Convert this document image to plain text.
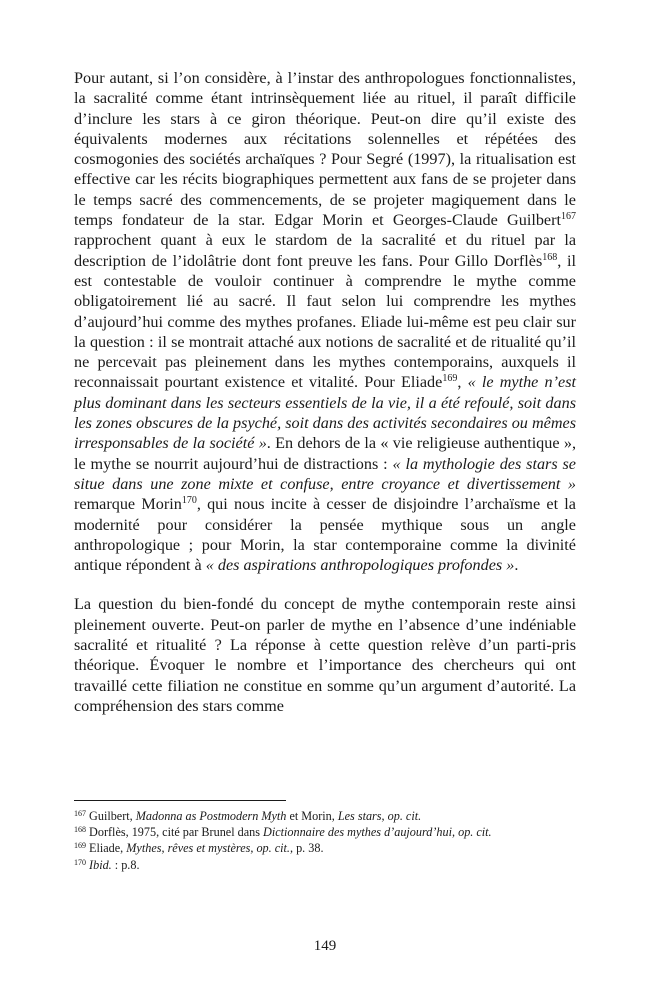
Pour autant, si l’on considère, à l’instar des anthropologues fonctionnalistes, la sacralité comme étant intrinsèquement liée au rituel, il paraît difficile d’inclure les stars à ce giron théorique. Peut-on dire qu’il existe des équivalents modernes aux récitations solennelles et répétées des cosmogonies des sociétés archaïques ? Pour Segré (1997), la ritualisation est effective car les récits biographiques permettent aux fans de se projeter dans le temps sacré des commencements, de se projeter magiquement dans le temps fondateur de la star. Edgar Morin et Georges-Claude Guilbert$^{167}$ rapprochent quant à eux le stardom de la sacralité et du rituel par la description de l’idolâtrie dont font preuve les fans. Pour Gillo Dorflès$^{168}$, il est contestable de vouloir continuer à comprendre le mythe comme obligatoirement lié au sacré. Il faut selon lui comprendre les mythes d’aujourd’hui comme des mythes profanes. Eliade lui-même est peu clair sur la question : il se montrait attaché aux notions de sacralité et de ritualité qu’il ne percevait pas pleinement dans les mythes contemporains, auxquels il reconnaissait pourtant existence et vitalité. Pour Eliade$^{169}$, « le mythe n’est plus dominant dans les secteurs essentiels de la vie, il a été refoulé, soit dans les zones obscures de la psyché, soit dans des activités secondaires ou mêmes irresponsables de la société ». En dehors de la « vie religieuse authentique », le mythe se nourrit aujourd’hui de distractions : « la mythologie des stars se situe dans une zone mixte et confuse, entre croyance et divertissement » remarque Morin$^{170}$, qui nous incite à cesser de disjoindre l’archaïsme et la modernité pour considérer la pensée mythique sous un angle anthropologique ; pour Morin, la star contemporaine comme la divinité antique répondent à « des aspirations anthropologiques profondes ».

La question du bien-fondé du concept de mythe contemporain reste ainsi pleinement ouverte. Peut-on parler de mythe en l’absence d’une indéniable sacralité et ritualité ? La réponse à cette question relève d’un parti-pris théorique. Évoquer le nombre et l’importance des chercheurs qui ont travaillé cette filiation ne constitue en somme qu’un argument d’autorité. La compréhension des stars comme

$^{167}$ Guilbert, Madonna as Postmodern Myth et Morin, Les stars, op. cit.

$^{168}$ Dorflès, 1975, cité par Brunel dans Dictionnaire des mythes d’aujourd’hui, op. cit.

$^{169}$ Eliade, Mythes, rêves et mystères, op. cit., p. 38.

$^{170}$ Ibid. : p.8.

149
